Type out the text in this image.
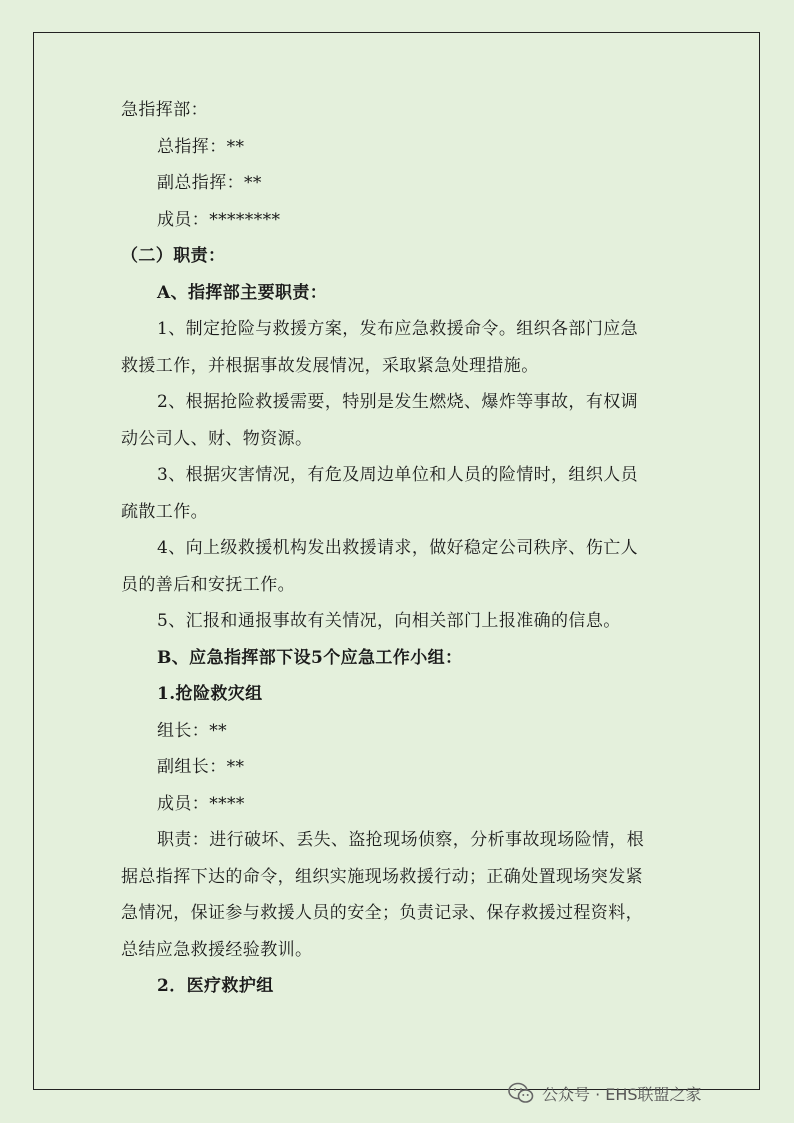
急指挥部：
总指挥：**
副总指挥：**
成员：********
（二）职责：
A、指挥部主要职责：
1、制定抢险与救援方案，发布应急救援命令。组织各部门应急
救援工作，并根据事故发展情况，采取紧急处理措施。
2、根据抢险救援需要，特别是发生燃烧、爆炸等事故，有权调
动公司人、财、物资源。
3、根据灾害情况，有危及周边单位和人员的险情时，组织人员
疏散工作。
4、向上级救援机构发出救援请求，做好稳定公司秩序、伤亡人
员的善后和安抚工作。
5、汇报和通报事故有关情况，向相关部门上报准确的信息。
B、应急指挥部下设5个应急工作小组：
1.抢险救灾组
组长：**
副组长：**
成员：****
职责：进行破坏、丢失、盗抢现场侦察，分析事故现场险情，根
据总指挥下达的命令，组织实施现场救援行动；正确处置现场突发紧
急情况，保证参与救援人员的安全；负责记录、保存救援过程资料，
总结应急救援经验教训。
2．医疗救护组
公众号 · EHS联盟之家
